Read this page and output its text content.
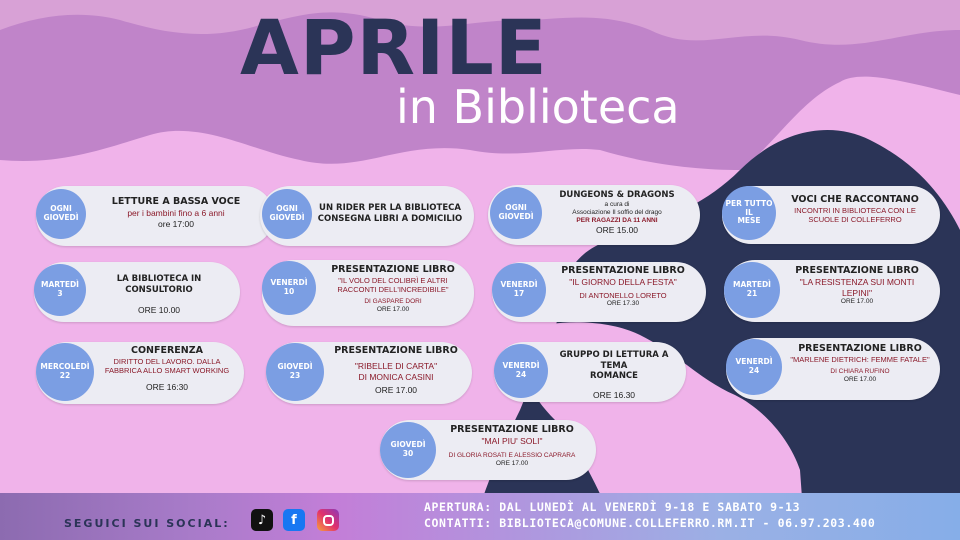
APRILE
in Biblioteca
OGNI
GIOVEDÌ
LETTURE A BASSA VOCE
per i bambini fino a 6 anni
ore 17:00
OGNI
GIOVEDÌ
UN RIDER PER LA BIBLIOTECA
CONSEGNA LIBRI A DOMICILIO
OGNI
GIOVEDÌ
DUNGEONS & DRAGONS
a cura di
Associazione Il soffio del drago
PER RAGAZZI DA 11 ANNI
ORE 15.00
PER TUTTO
IL
MESE
VOCI CHE RACCONTANO
INCONTRI IN BIBLIOTECA CON LE
SCUOLE DI COLLEFERRO
MARTEDÌ
3
LA BIBLIOTECA IN CONSULTORIO
ORE 10.00
VENERDÌ
10
PRESENTAZIONE LIBRO
"IL VOLO DEL COLIBRÌ E ALTRI
RACCONTI DELL'INCREDIBILE"
DI GASPARE DORI
ORE 17.00
VENERDÌ
17
PRESENTAZIONE LIBRO
"IL GIORNO DELLA FESTA"
DI ANTONELLO LORETO
ORE 17.30
MARTEDÌ
21
PRESENTAZIONE LIBRO
"LA RESISTENZA SUI MONTI
LEPINI"
ORE 17.00
MERCOLEDÌ
22
CONFERENZA
DIRITTO DEL LAVORO. DALLA
FABBRICA ALLO SMART WORKING
ORE 16:30
GIOVEDÌ
23
PRESENTAZIONE LIBRO
"RIBELLE DI CARTA"
DI MONICA CASINI
ORE 17.00
VENERDÌ
24
GRUPPO DI LETTURA A TEMA
ROMANCE
ORE 16.30
VENERDÌ
24
PRESENTAZIONE LIBRO
"MARLENE DIETRICH: FEMME FATALE"
DI CHIARA RUFINO
ORE 17.00
GIOVEDÌ
30
PRESENTAZIONE LIBRO
"MAI PIU' SOLI"
DI GLORIA ROSATI E ALESSIO CAPRARA
ORE 17.00
SEGUICI SUI SOCIAL:	♪	f
APERTURA: DAL LUNEDÌ AL VENERDÌ 9-18 E SABATO 9-13
CONTATTI: BIBLIOTECA@COMUNE.COLLEFERRO.RM.IT - 06.97.203.400
